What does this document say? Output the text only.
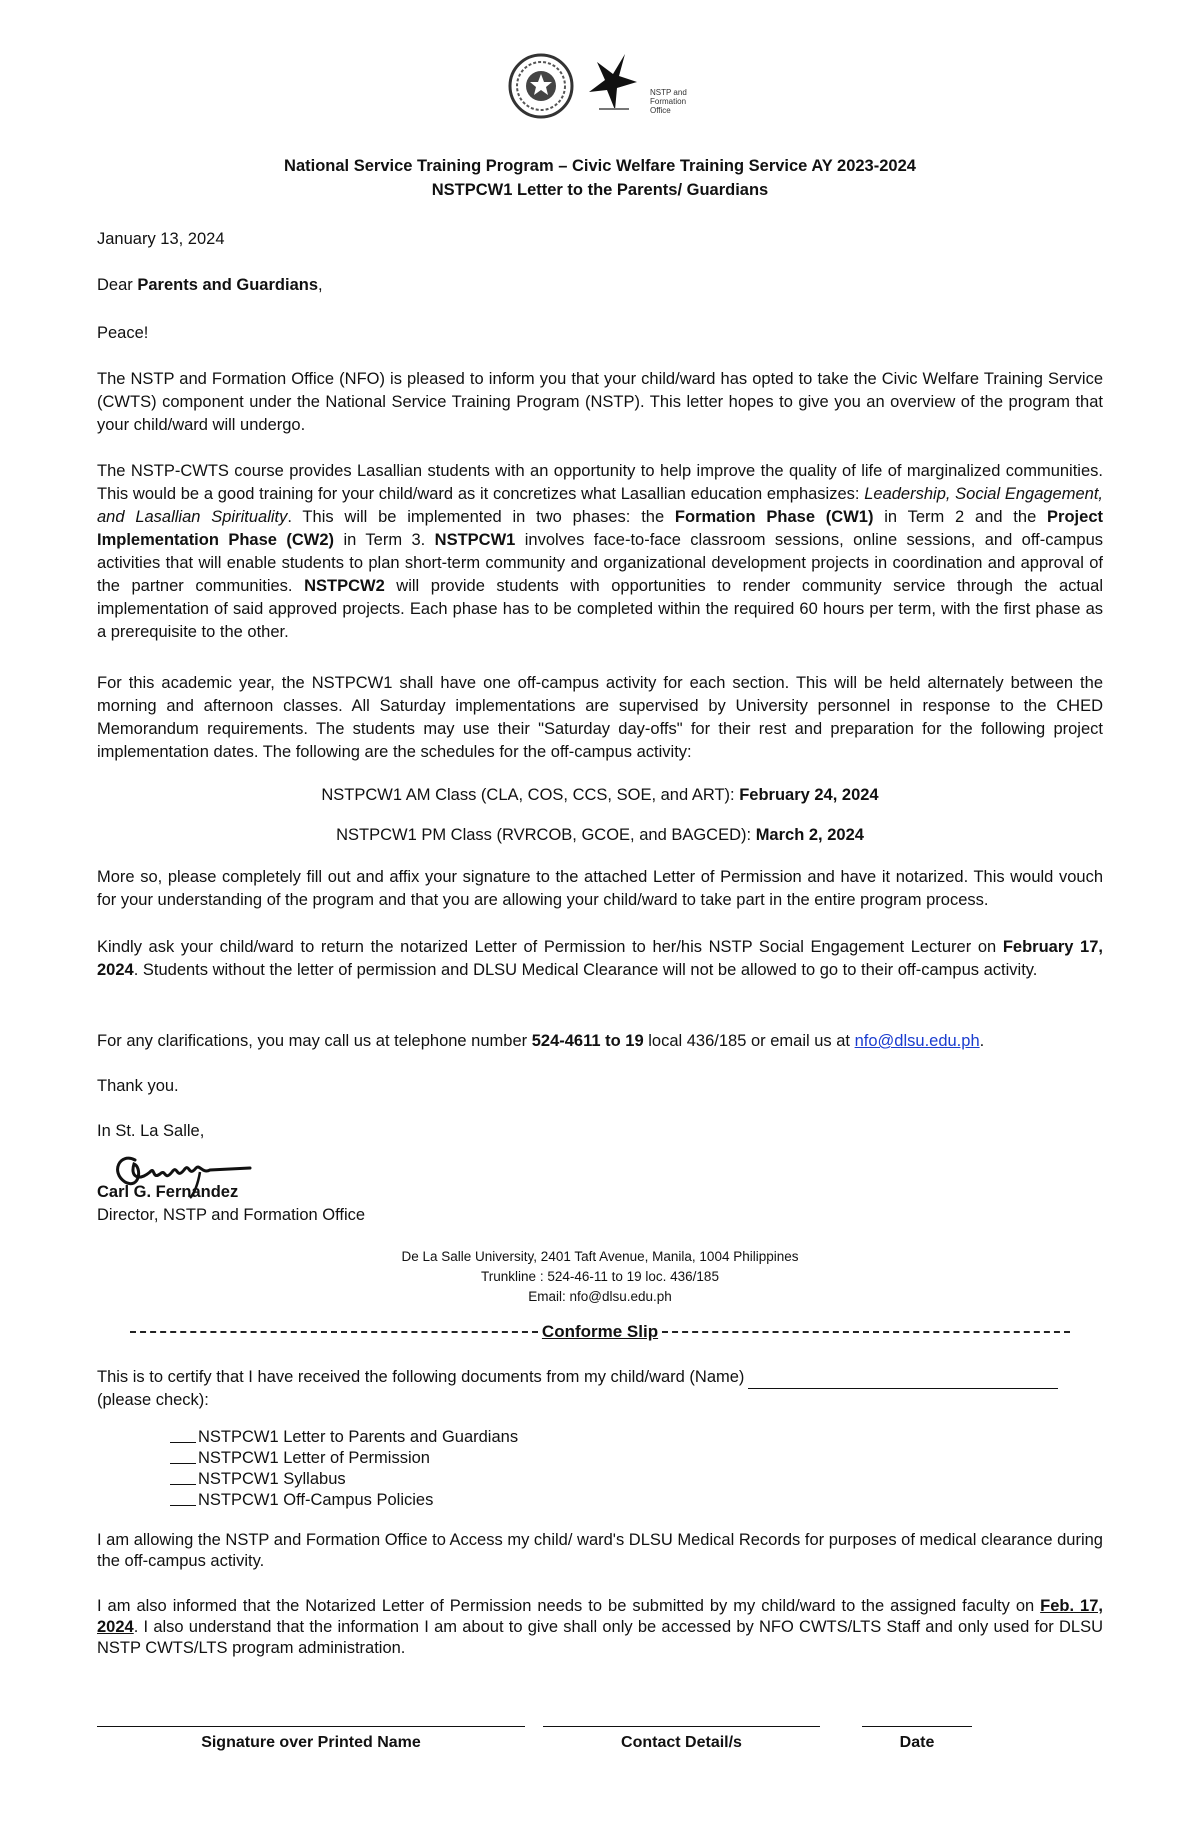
NSTP and
Formation
Office
National Service Training Program – Civic Welfare Training Service AY 2023-2024
NSTPCW1 Letter to the Parents/ Guardians
January 13, 2024
Dear Parents and Guardians,
Peace!
The NSTP and Formation Office (NFO) is pleased to inform you that your child/ward has opted to take the Civic Welfare Training Service (CWTS) component under the National Service Training Program (NSTP). This letter hopes to give you an overview of the program that your child/ward will undergo.
The NSTP-CWTS course provides Lasallian students with an opportunity to help improve the quality of life of marginalized communities. This would be a good training for your child/ward as it concretizes what Lasallian education emphasizes: Leadership, Social Engagement, and Lasallian Spirituality. This will be implemented in two phases: the Formation Phase (CW1) in Term 2 and the Project Implementation Phase (CW2) in Term 3. NSTPCW1 involves face-to-face classroom sessions, online sessions, and off-campus activities that will enable students to plan short-term community and organizational development projects in coordination and approval of the partner communities. NSTPCW2 will provide students with opportunities to render community service through the actual implementation of said approved projects. Each phase has to be completed within the required 60 hours per term, with the first phase as a prerequisite to the other.
For this academic year, the NSTPCW1 shall have one off-campus activity for each section. This will be held alternately between the morning and afternoon classes. All Saturday implementations are supervised by University personnel in response to the CHED Memorandum requirements. The students may use their "Saturday day-offs" for their rest and preparation for the following project implementation dates. The following are the schedules for the off-campus activity:
NSTPCW1 AM Class (CLA, COS, CCS, SOE, and ART): February 24, 2024
NSTPCW1 PM Class (RVRCOB, GCOE, and BAGCED): March 2, 2024
More so, please completely fill out and affix your signature to the attached Letter of Permission and have it notarized. This would vouch for your understanding of the program and that you are allowing your child/ward to take part in the entire program process.
Kindly ask your child/ward to return the notarized Letter of Permission to her/his NSTP Social Engagement Lecturer on February 17, 2024. Students without the letter of permission and DLSU Medical Clearance will not be allowed to go to their off-campus activity.
For any clarifications, you may call us at telephone number 524-4611 to 19 local 436/185 or email us at nfo@dlsu.edu.ph.
Thank you.
In St. La Salle,
Carl G. Fernandez
Director, NSTP and Formation Office
De La Salle University, 2401 Taft Avenue, Manila, 1004 Philippines
Trunkline : 524-46-11 to 19 loc. 436/185
Email: nfo@dlsu.edu.ph
Conforme Slip
This is to certify that I have received the following documents from my child/ward (Name)
(please check):
NSTPCW1 Letter to Parents and Guardians
NSTPCW1 Letter of Permission
NSTPCW1 Syllabus
NSTPCW1 Off-Campus Policies
I am allowing the NSTP and Formation Office to Access my child/ ward's DLSU Medical Records for purposes of medical clearance during the off-campus activity.
I am also informed that the Notarized Letter of Permission needs to be submitted by my child/ward to the assigned faculty on Feb. 17, 2024. I also understand that the information I am about to give shall only be accessed by NFO CWTS/LTS Staff and only used for DLSU NSTP CWTS/LTS program administration.
Signature over Printed Name	Contact Detail/s	Date
